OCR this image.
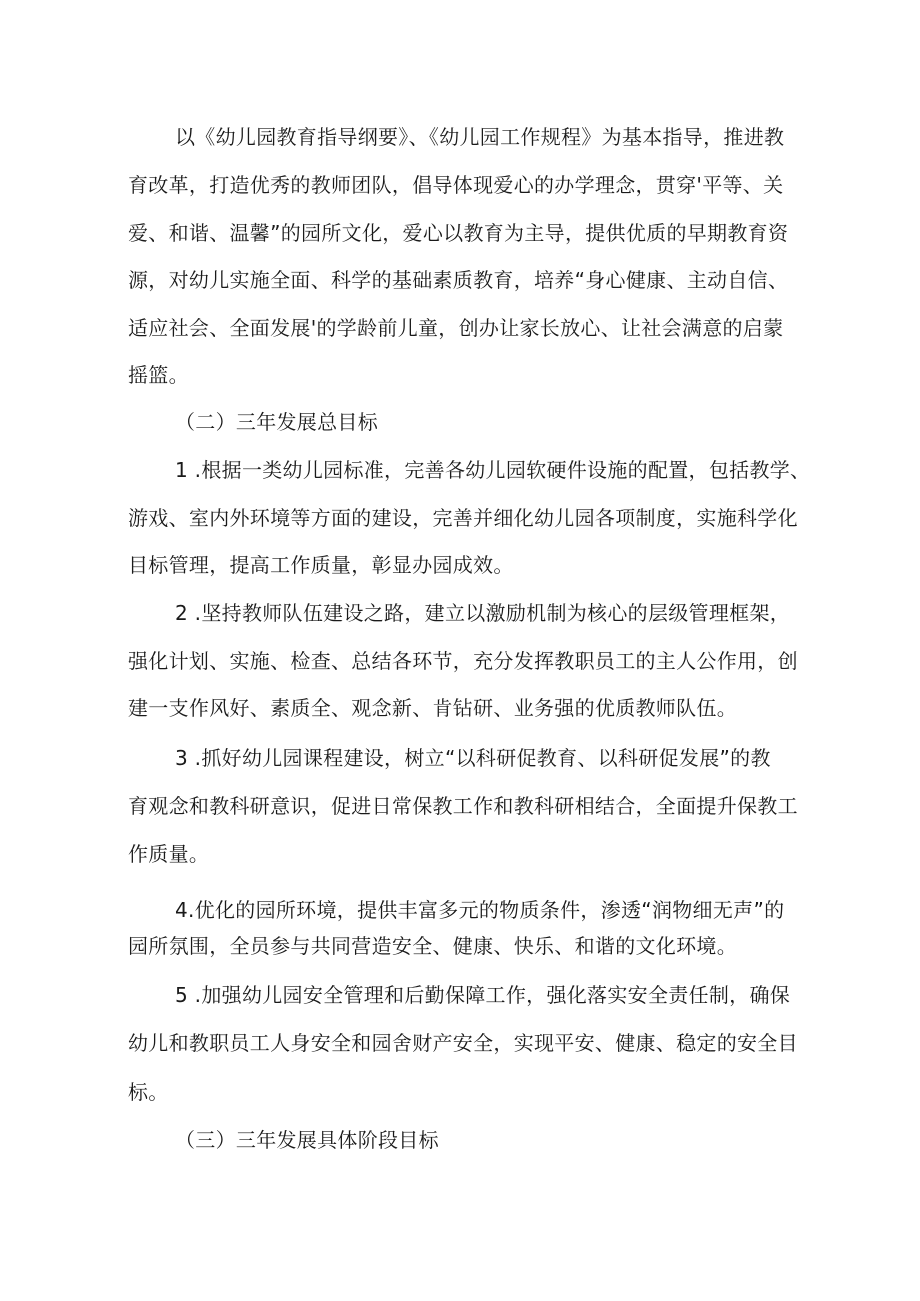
以《幼儿园教育指导纲要》、《幼儿园工作规程》为基本指导，推进教
育改革，打造优秀的教师团队，倡导体现爱心的办学理念，贯穿'平等、关
爱、和谐、温馨”的园所文化，爱心以教育为主导，提供优质的早期教育资
源，对幼儿实施全面、科学的基础素质教育，培养“身心健康、主动自信、
适应社会、全面发展'的学龄前儿童，创办让家长放心、让社会满意的启蒙
摇篮。
（二）三年发展总目标
1 .根据一类幼儿园标准，完善各幼儿园软硬件设施的配置，包括教学、
游戏、室内外环境等方面的建设，完善并细化幼儿园各项制度，实施科学化
目标管理，提高工作质量，彰显办园成效。
2 .坚持教师队伍建设之路，建立以激励机制为核心的层级管理框架，
强化计划、实施、检查、总结各环节，充分发挥教职员工的主人公作用，创
建一支作风好、素质全、观念新、肯钻研、业务强的优质教师队伍。
3 .抓好幼儿园课程建设，树立“以科研促教育、以科研促发展”的教
育观念和教科研意识，促进日常保教工作和教科研相结合，全面提升保教工
作质量。
4.优化的园所环境，提供丰富多元的物质条件，渗透“润物细无声”的
园所氛围，全员参与共同营造安全、健康、快乐、和谐的文化环境。
5 .加强幼儿园安全管理和后勤保障工作，强化落实安全责任制，确保
幼儿和教职员工人身安全和园舍财产安全，实现平安、健康、稳定的安全目
标。
（三）三年发展具体阶段目标
